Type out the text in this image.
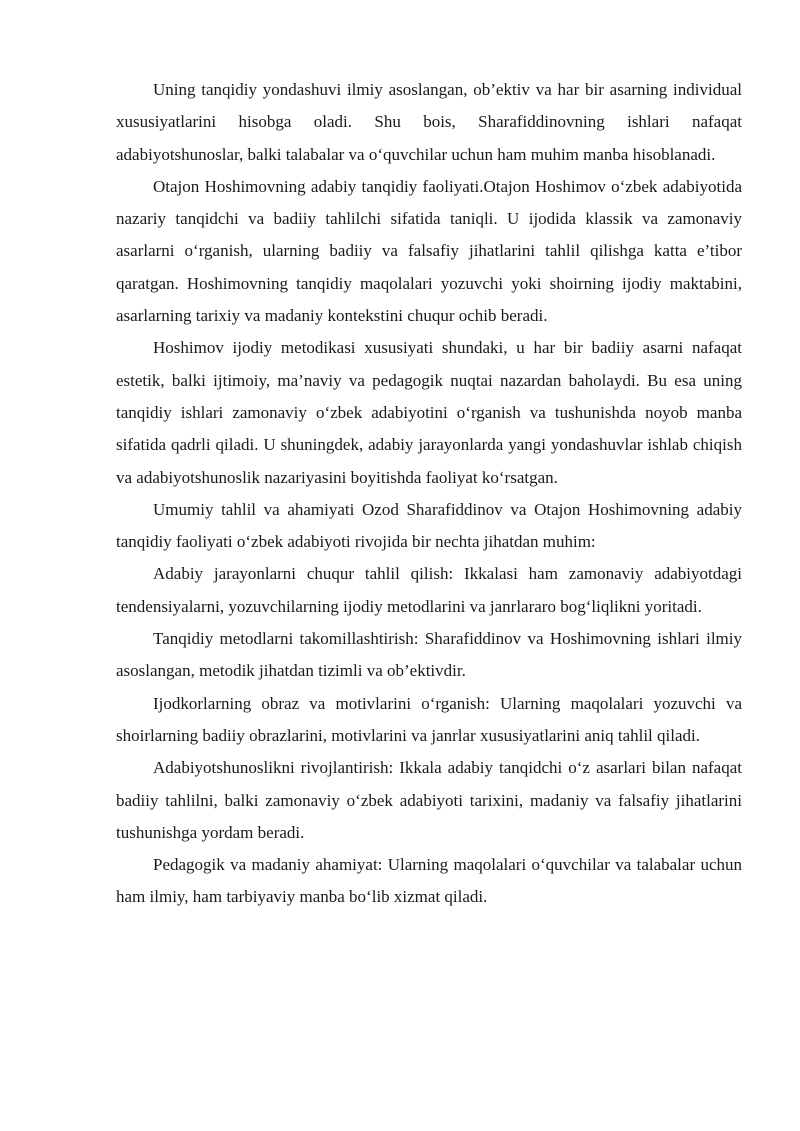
Uning tanqidiy yondashuvi ilmiy asoslangan, ob’ektiv va har bir asarning individual xususiyatlarini hisobga oladi. Shu bois, Sharafiddinovning ishlari nafaqat adabiyotshunoslar, balki talabalar va o‘quvchilar uchun ham muhim manba hisoblanadi.

Otajon Hoshimovning adabiy tanqidiy faoliyati.Otajon Hoshimov o‘zbek adabiyotida nazariy tanqidchi va badiiy tahlilchi sifatida taniqli. U ijodida klassik va zamonaviy asarlarni o‘rganish, ularning badiiy va falsafiy jihatlarini tahlil qilishga katta e’tibor qaratgan. Hoshimovning tanqidiy maqolalari yozuvchi yoki shoirning ijodiy maktabini, asarlarning tarixiy va madaniy kontekstini chuqur ochib beradi.

Hoshimov ijodiy metodikasi xususiyati shundaki, u har bir badiiy asarni nafaqat estetik, balki ijtimoiy, ma’naviy va pedagogik nuqtai nazardan baholaydi. Bu esa uning tanqidiy ishlari zamonaviy o‘zbek adabiyotini o‘rganish va tushunishda noyob manba sifatida qadrli qiladi. U shuningdek, adabiy jarayonlarda yangi yondashuvlar ishlab chiqish va adabiyotshunoslik nazariyasini boyitishda faoliyat ko‘rsatgan.

Umumiy tahlil va ahamiyati Ozod Sharafiddinov va Otajon Hoshimovning adabiy tanqidiy faoliyati o‘zbek adabiyoti rivojida bir nechta jihatdan muhim:

Adabiy jarayonlarni chuqur tahlil qilish: Ikkalasi ham zamonaviy adabiyotdagi tendensiyalarni, yozuvchilarning ijodiy metodlarini va janrlararo bog‘liqlikni yoritadi.

Tanqidiy metodlarni takomillashtirish: Sharafiddinov va Hoshimovning ishlari ilmiy asoslangan, metodik jihatdan tizimli va ob’ektivdir.

Ijodkorlarning obraz va motivlarini o‘rganish: Ularning maqolalari yozuvchi va shoirlarning badiiy obrazlarini, motivlarini va janrlar xususiyatlarini aniq tahlil qiladi.

Adabiyotshunoslikni rivojlantirish: Ikkala adabiy tanqidchi o‘z asarlari bilan nafaqat badiiy tahlilni, balki zamonaviy o‘zbek adabiyoti tarixini, madaniy va falsafiy jihatlarini tushunishga yordam beradi.

Pedagogik va madaniy ahamiyat: Ularning maqolalari o‘quvchilar va talabalar uchun ham ilmiy, ham tarbiyaviy manba bo‘lib xizmat qiladi.
